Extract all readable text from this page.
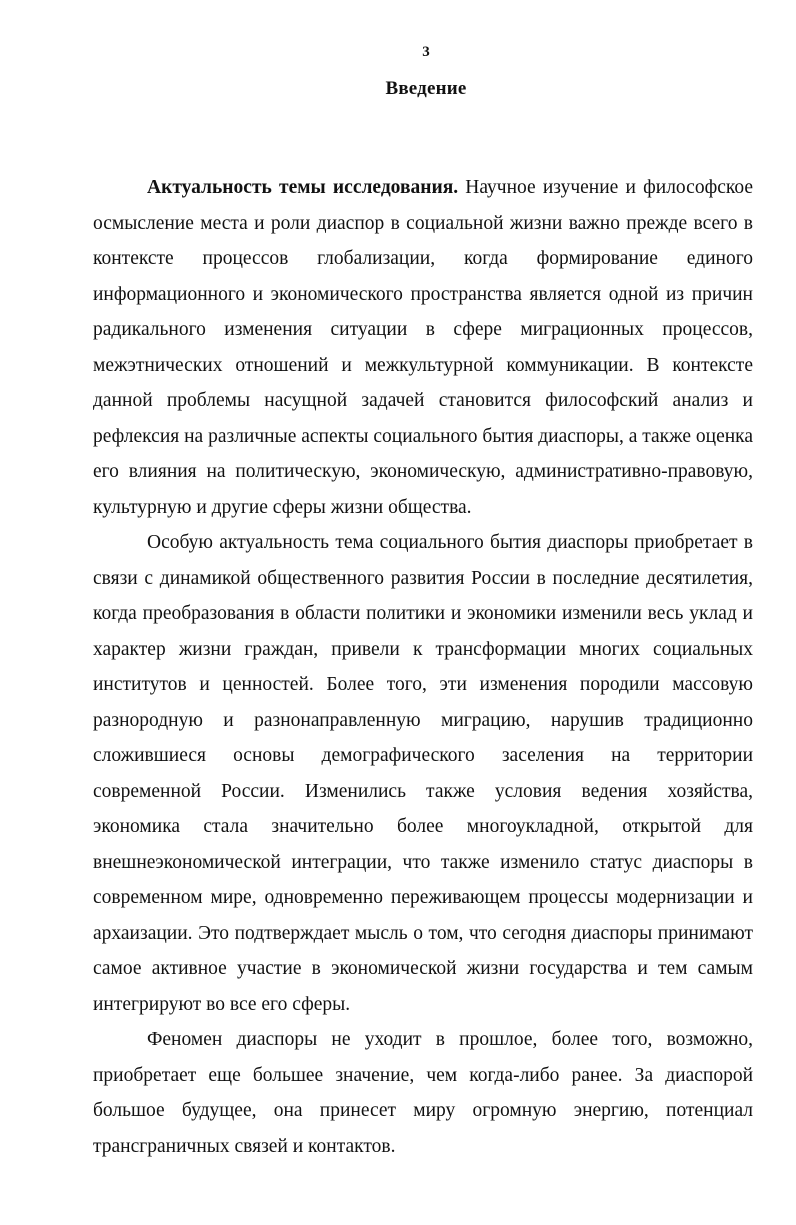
3
Введение

Актуальность темы исследования. Научное изучение и философское осмысление места и роли диаспор в социальной жизни важно прежде всего в контексте процессов глобализации, когда формирование единого информационного и экономического пространства является одной из причин радикального изменения ситуации в сфере миграционных процессов, межэтнических отношений и межкультурной коммуникации. В контексте данной проблемы насущной задачей становится философский анализ и рефлексия на различные аспекты социального бытия диаспоры, а также оценка его влияния на политическую, экономическую, административно-правовую, культурную и другие сферы жизни общества.

Особую актуальность тема социального бытия диаспоры приобретает в связи с динамикой общественного развития России в последние десятилетия, когда преобразования в области политики и экономики изменили весь уклад и характер жизни граждан, привели к трансформации многих социальных институтов и ценностей. Более того, эти изменения породили массовую разнородную и разнонаправленную миграцию, нарушив традиционно сложившиеся основы демографического заселения на территории современной России. Изменились также условия ведения хозяйства, экономика стала значительно более многоукладной, открытой для внешнеэкономической интеграции, что также изменило статус диаспоры в современном мире, одновременно переживающем процессы модернизации и архаизации. Это подтверждает мысль о том, что сегодня диаспоры принимают самое активное участие в экономической жизни государства и тем самым интегрируют во все его сферы.

Феномен диаспоры не уходит в прошлое, более того, возможно, приобретает еще большее значение, чем когда-либо ранее. За диаспорой большое будущее, она принесет миру огромную энергию, потенциал трансграничных связей и контактов.
